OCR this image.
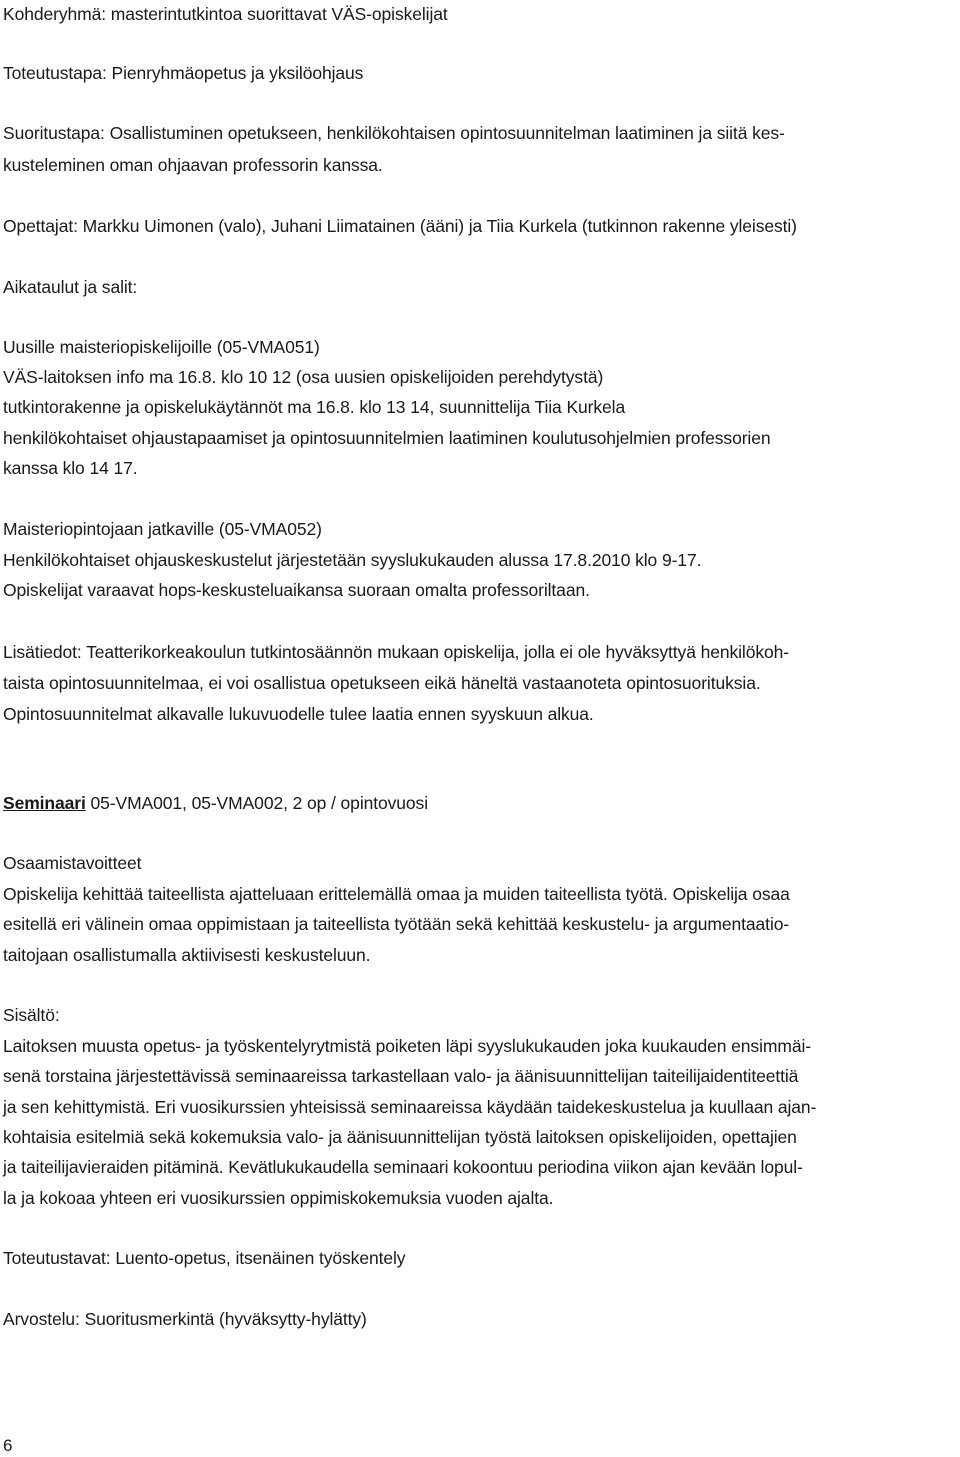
Kohderyhmä: masterintutkintoa suorittavat VÄS-opiskelijat
Toteutustapa: Pienryhmäopetus ja yksilöohjaus
Suoritustapa: Osallistuminen opetukseen, henkilökohtaisen opintosuunnitelman laatiminen ja siitä kes-
kusteleminen oman ohjaavan professorin kanssa.
Opettajat: Markku Uimonen (valo), Juhani Liimatainen (ääni) ja Tiia Kurkela (tutkinnon rakenne yleisesti)
Aikataulut ja salit:
Uusille maisteriopiskelijoille (05-VMA051)
VÄS-laitoksen info ma 16.8. klo 10 12 (osa uusien opiskelijoiden perehdytystä)
tutkintorakenne ja opiskelukäytännöt ma 16.8. klo 13 14, suunnittelija Tiia Kurkela
henkilökohtaiset ohjaustapaamiset ja opintosuunnitelmien laatiminen koulutusohjelmien professorien
kanssa klo 14 17.
Maisteriopintojaan jatkaville (05-VMA052)
Henkilökohtaiset ohjauskeskustelut järjestetään syyslukukauden alussa 17.8.2010 klo 9-17.
Opiskelijat varaavat hops-keskusteluaikansa suoraan omalta professoriltaan.
Lisätiedot: Teatterikorkeakoulun tutkintosäännön mukaan opiskelija, jolla ei ole hyväksyttyä henkilökoh-
taista opintosuunnitelmaa, ei voi osallistua opetukseen eikä häneltä vastaanoteta opintosuorituksia.
Opintosuunnitelmat alkavalle lukuvuodelle tulee laatia ennen syyskuun alkua.
Seminaari 05-VMA001, 05-VMA002, 2 op / opintovuosi
Osaamistavoitteet
Opiskelija kehittää taiteellista ajatteluaan erittelemällä omaa ja muiden taiteellista työtä. Opiskelija osaa
esitellä eri välinein omaa oppimistaan ja taiteellista työtään sekä kehittää keskustelu- ja argumentaatio-
taitojaan osallistumalla aktiivisesti keskusteluun.
Sisältö:
Laitoksen muusta opetus- ja työskentelyrytmistä poiketen läpi syyslukukauden joka kuukauden ensimmäi-
senä torstaina järjestettävissä seminaareissa tarkastellaan valo- ja äänisuunnittelijan taiteilijaidentiteettiä
ja sen kehittymistä. Eri vuosikurssien yhteisissä seminaareissa käydään taidekeskustelua ja kuullaan ajan-
kohtaisia esitelmiä sekä kokemuksia valo- ja äänisuunnittelijan työstä laitoksen opiskelijoiden, opettajien
ja taiteilijavieraiden pitäminä. Kevätlukukaudella seminaari kokoontuu periodina viikon ajan kevään lopul-
la ja kokoaa yhteen eri vuosikurssien oppimiskokemuksia vuoden ajalta.
Toteutustavat: Luento-opetus, itsenäinen työskentely
Arvostelu: Suoritusmerkintä (hyväksytty-hylätty)
6
